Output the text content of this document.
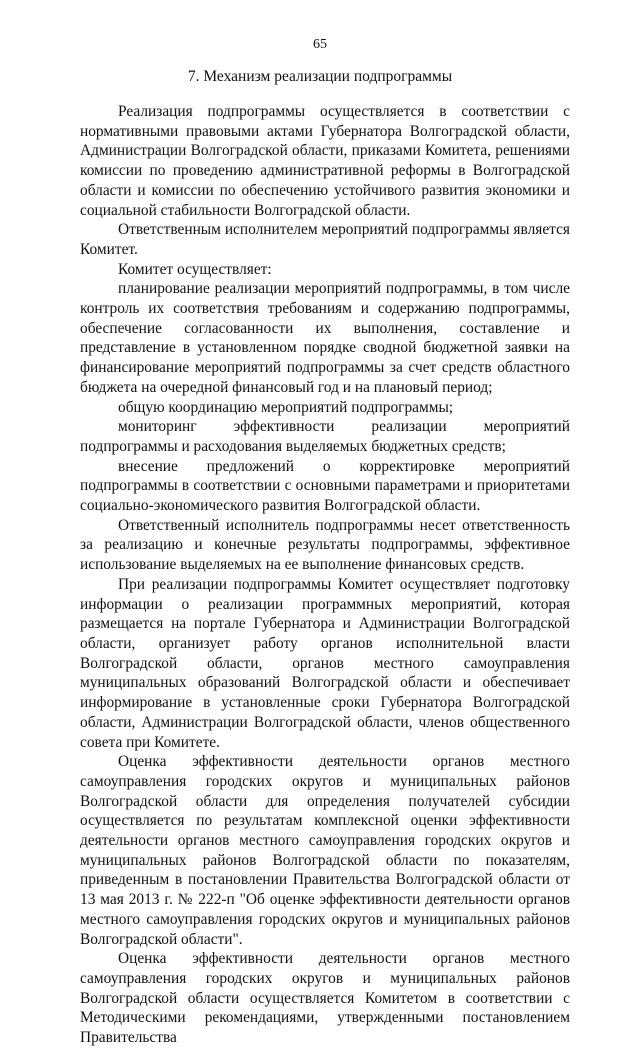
65
7. Механизм реализации подпрограммы

Реализация подпрограммы осуществляется в соответствии с нормативными правовыми актами Губернатора Волгоградской области, Администрации Волгоградской области, приказами Комитета, решениями комиссии по проведению административной реформы в Волгоградской области и комиссии по обеспечению устойчивого развития экономики и социальной стабильности Волгоградской области.

Ответственным исполнителем мероприятий подпрограммы является Комитет.

Комитет осуществляет:

планирование реализации мероприятий подпрограммы, в том числе контроль их соответствия требованиям и содержанию подпрограммы, обеспечение согласованности их выполнения, составление и представление в установленном порядке сводной бюджетной заявки на финансирование мероприятий подпрограммы за счет средств областного бюджета на очередной финансовый год и на плановый период;

общую координацию мероприятий подпрограммы;

мониторинг эффективности реализации мероприятий подпрограммы и расходования выделяемых бюджетных средств;

внесение предложений о корректировке мероприятий подпрограммы в соответствии с основными параметрами и приоритетами социально-экономического развития Волгоградской области.

Ответственный исполнитель подпрограммы несет ответственность за реализацию и конечные результаты подпрограммы, эффективное использование выделяемых на ее выполнение финансовых средств.

При реализации подпрограммы Комитет осуществляет подготовку информации о реализации программных мероприятий, которая размещается на портале Губернатора и Администрации Волгоградской области, организует работу органов исполнительной власти Волгоградской области, органов местного самоуправления муниципальных образований Волгоградской области и обеспечивает информирование в установленные сроки Губернатора Волгоградской области, Администрации Волгоградской области, членов общественного совета при Комитете.

Оценка эффективности деятельности органов местного самоуправления городских округов и муниципальных районов Волгоградской области для определения получателей субсидии осуществляется по результатам комплексной оценки эффективности деятельности органов местного самоуправления городских округов и муниципальных районов Волгоградской области по показателям, приведенным в постановлении Правительства Волгоградской области от 13 мая 2013 г. № 222-п "Об оценке эффективности деятельности органов местного самоуправления городских округов и муниципальных районов Волгоградской области".

Оценка эффективности деятельности органов местного самоуправления городских округов и муниципальных районов Волгоградской области осуществляется Комитетом в соответствии с Методическими рекомендациями, утвержденными постановлением Правительства
